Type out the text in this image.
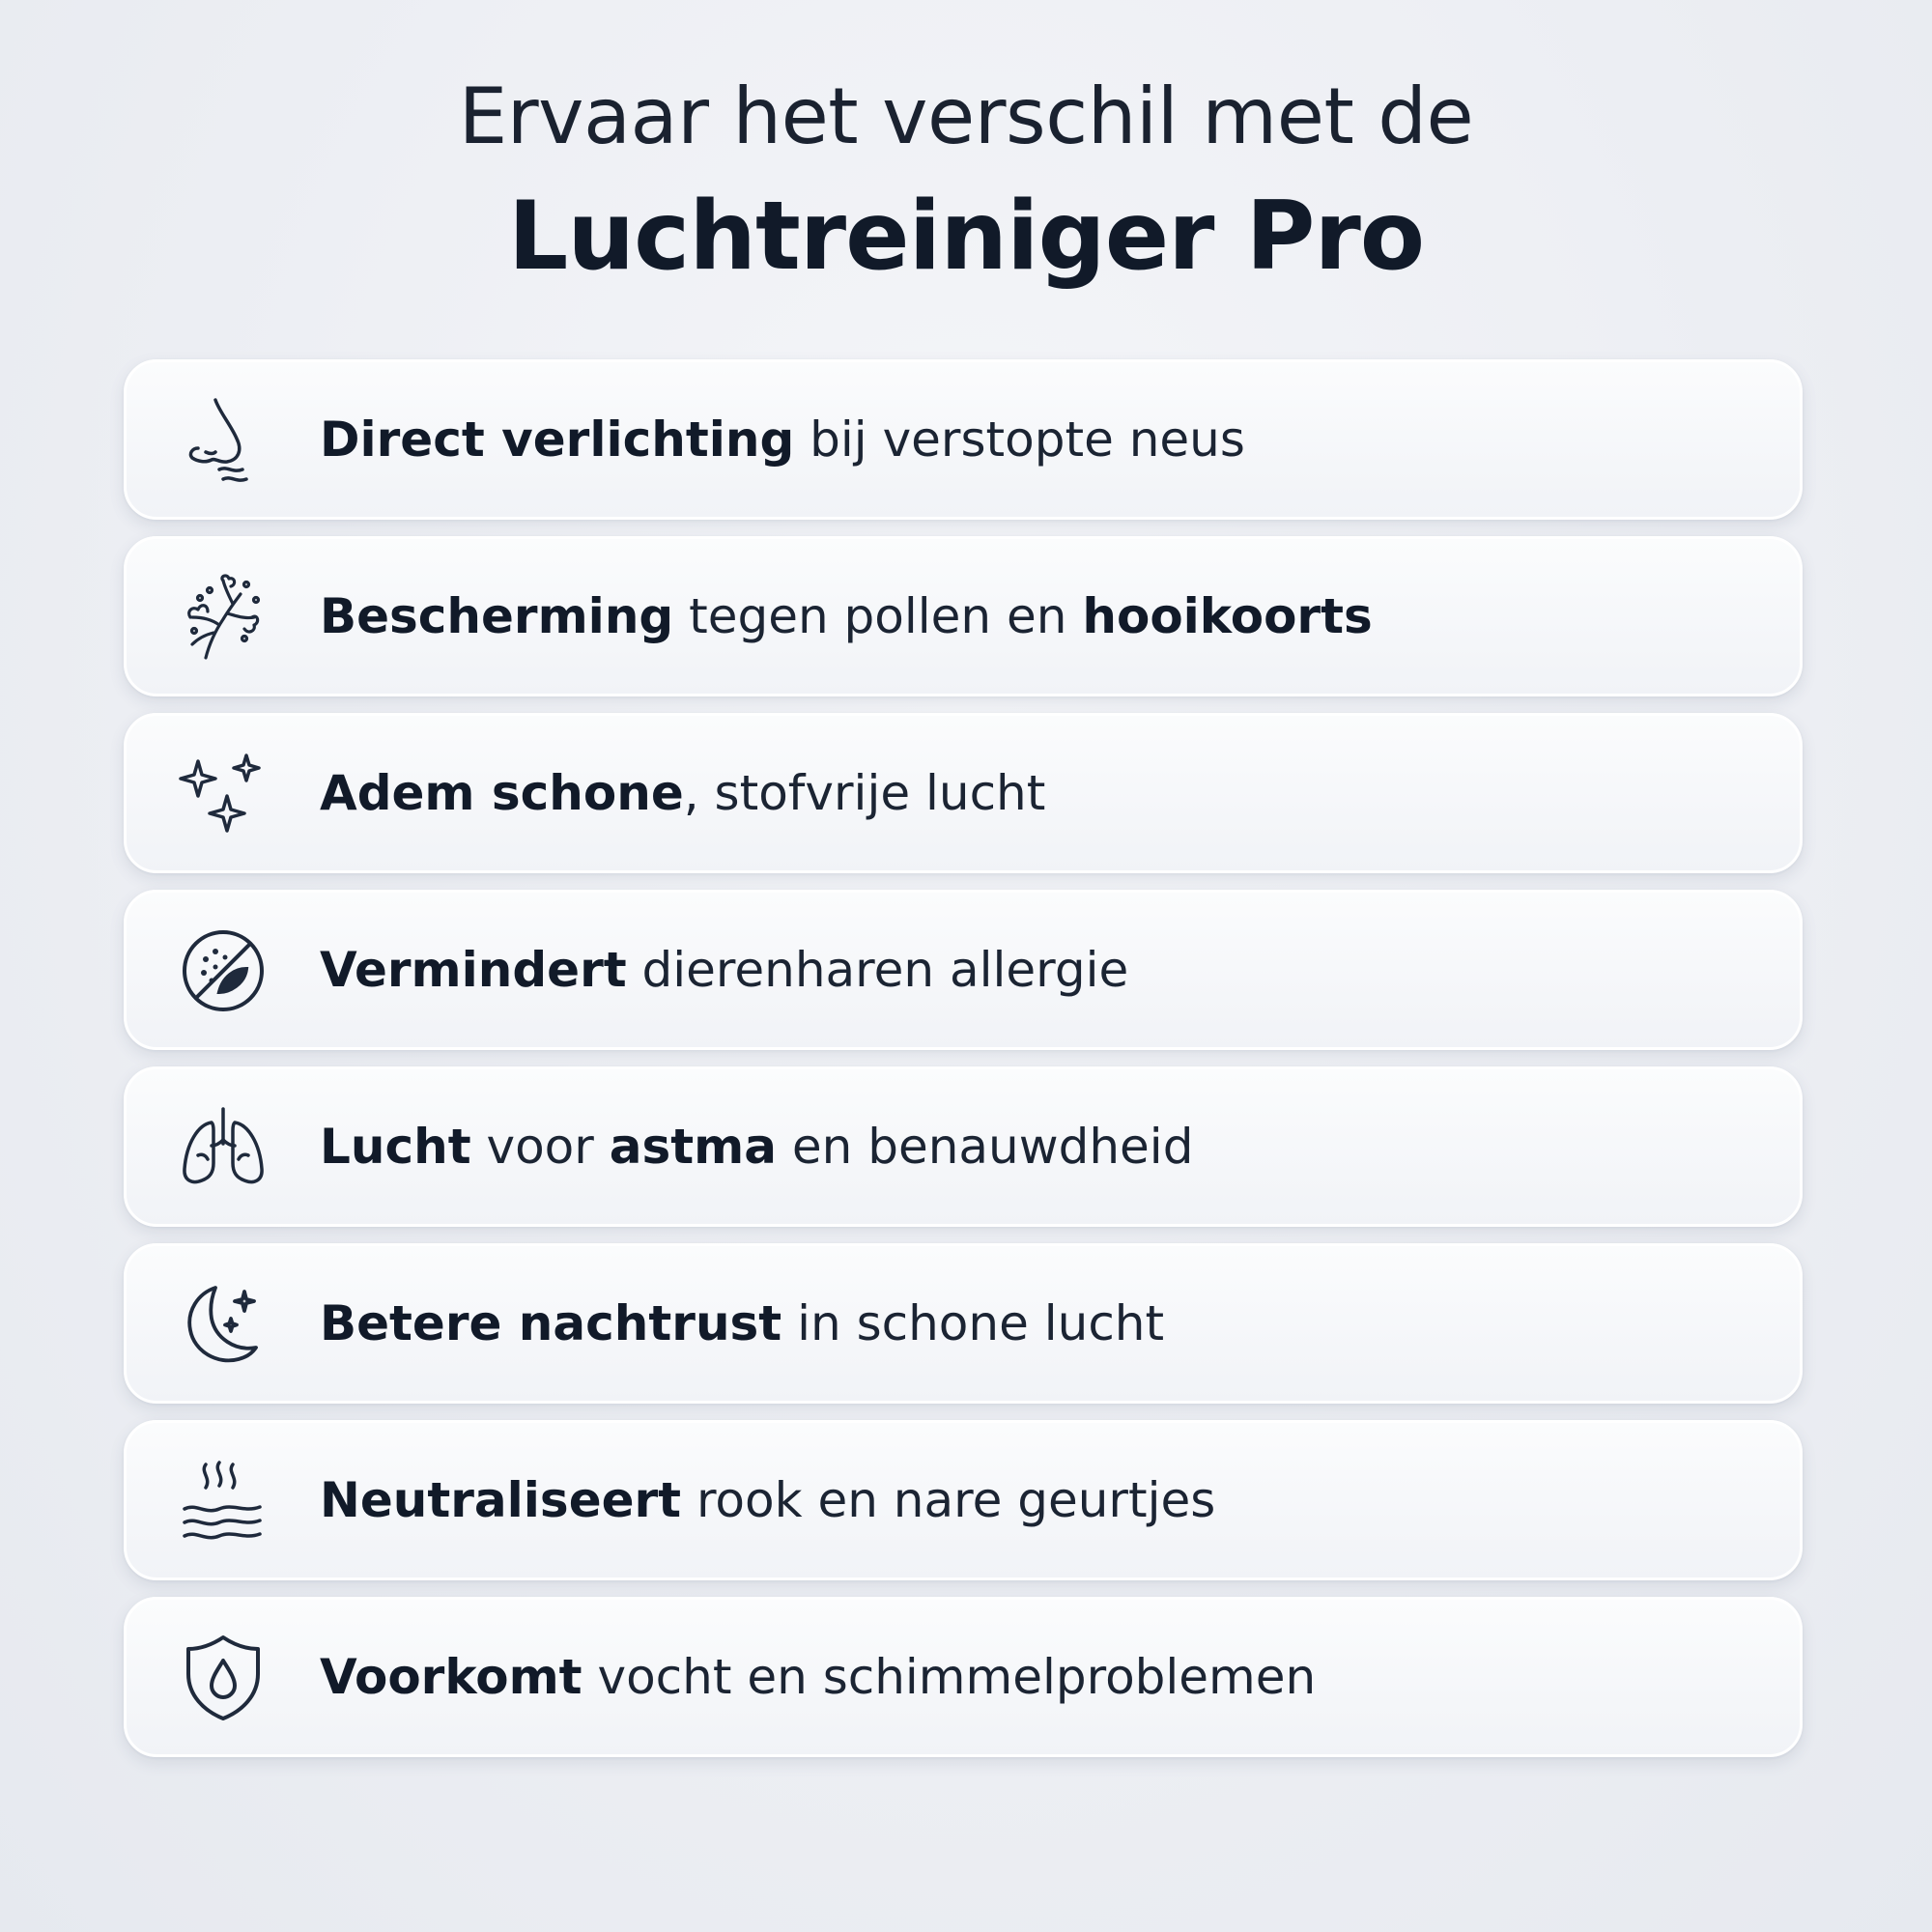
Ervaar het verschil met de
Luchtreiniger Pro
Direct verlichting bij verstopte neus
Bescherming tegen pollen en hooikoorts
Adem schone, stofvrije lucht
Vermindert dierenharen allergie
Lucht voor astma en benauwdheid
Betere nachtrust in schone lucht
Neutraliseert rook en nare geurtjes
Voorkomt vocht en schimmelproblemen
